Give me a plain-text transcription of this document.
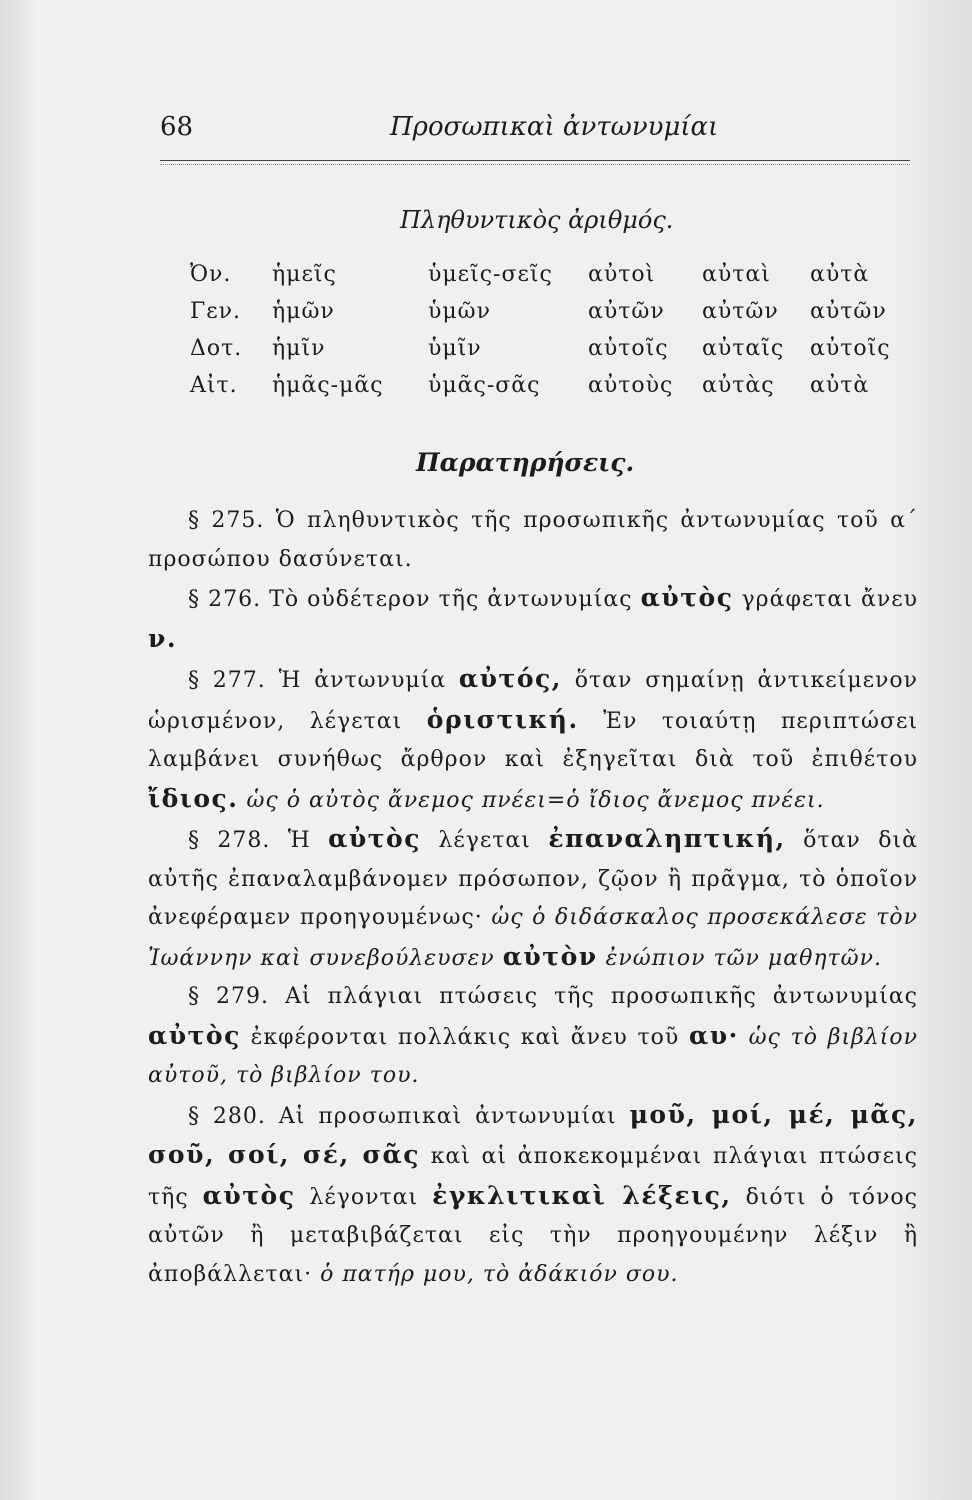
68	Προσωπικαὶ ἀντωνυμίαι
Πληθυντικὸς ἀριθμός.
Ὀν. ἡμεῖς	ὑμεῖς-σεῖς αὐτοὶ αὐταὶ αὐτὰ
Γεν. ἡμῶν	ὑμῶν	αὐτῶν αὐτῶν αὐτῶν
Δοτ. ἡμῖν	ὑμῖν	αὐτοῖς αὐταῖς αὐτοῖς
Αἰτ. ἡμᾶς-μᾶς ὑμᾶς-σᾶς αὐτοὺς αὐτὰς αὐτὰ
Παρατηρήσεις.

§ 275. Ὁ πληθυντικὸς τῆς προσωπικῆς ἀντωνυμίας τοῦ α΄ προσώπου δασύνεται.

§ 276. Τὸ οὐδέτερον τῆς ἀντωνυμίας αὐτὸς γράφεται ἄνευ ν.

§ 277. Ἡ ἀντωνυμία αὐτός, ὅταν σημαίνῃ ἀντικείμενον ὡρισμένον, λέγεται ὁριστική. Ἐν τοιαύτῃ περιπτώσει λαμβάνει συνήθως ἄρθρον καὶ ἐξηγεῖται διὰ τοῦ ἐπιθέτου ἴδιος. ὡς ὁ αὐτὸς ἄνεμος πνέει=ὁ ἴδιος ἄνεμος πνέει.

§ 278. Ἡ αὐτὸς λέγεται ἐπαναληπτική, ὅταν διὰ αὐτῆς ἐπαναλαμβάνομεν πρόσωπον, ζῷον ἢ πρᾶγμα, τὸ ὁποῖον ἀνεφέραμεν προηγουμένως· ὡς ὁ διδάσκαλος προσεκάλεσε τὸν Ἰωάννην καὶ συνεβούλευσεν αὐτὸν ἐνώπιον τῶν μαθητῶν.

§ 279. Αἱ πλάγιαι πτώσεις τῆς προσωπικῆς ἀντωνυμίας αὐτὸς ἐκφέρονται πολλάκις καὶ ἄνευ τοῦ αυ· ὡς τὸ βιβλίον αὐτοῦ, τὸ βιβλίον του.

§ 280. Αἱ προσωπικαὶ ἀντωνυμίαι μοῦ, μοί, μέ, μᾶς, σοῦ, σοί, σέ, σᾶς καὶ αἱ ἀποκεκομμέναι πλάγιαι πτώσεις τῆς αὐτὸς λέγονται ἐγκλιτικαὶ λέξεις, διότι ὁ τόνος αὐτῶν ἢ μεταβιβάζεται εἰς τὴν προηγουμένην λέξιν ἢ ἀποβάλλεται· ὁ πατήρ μου, τὸ ἀδάκιόν σου.
